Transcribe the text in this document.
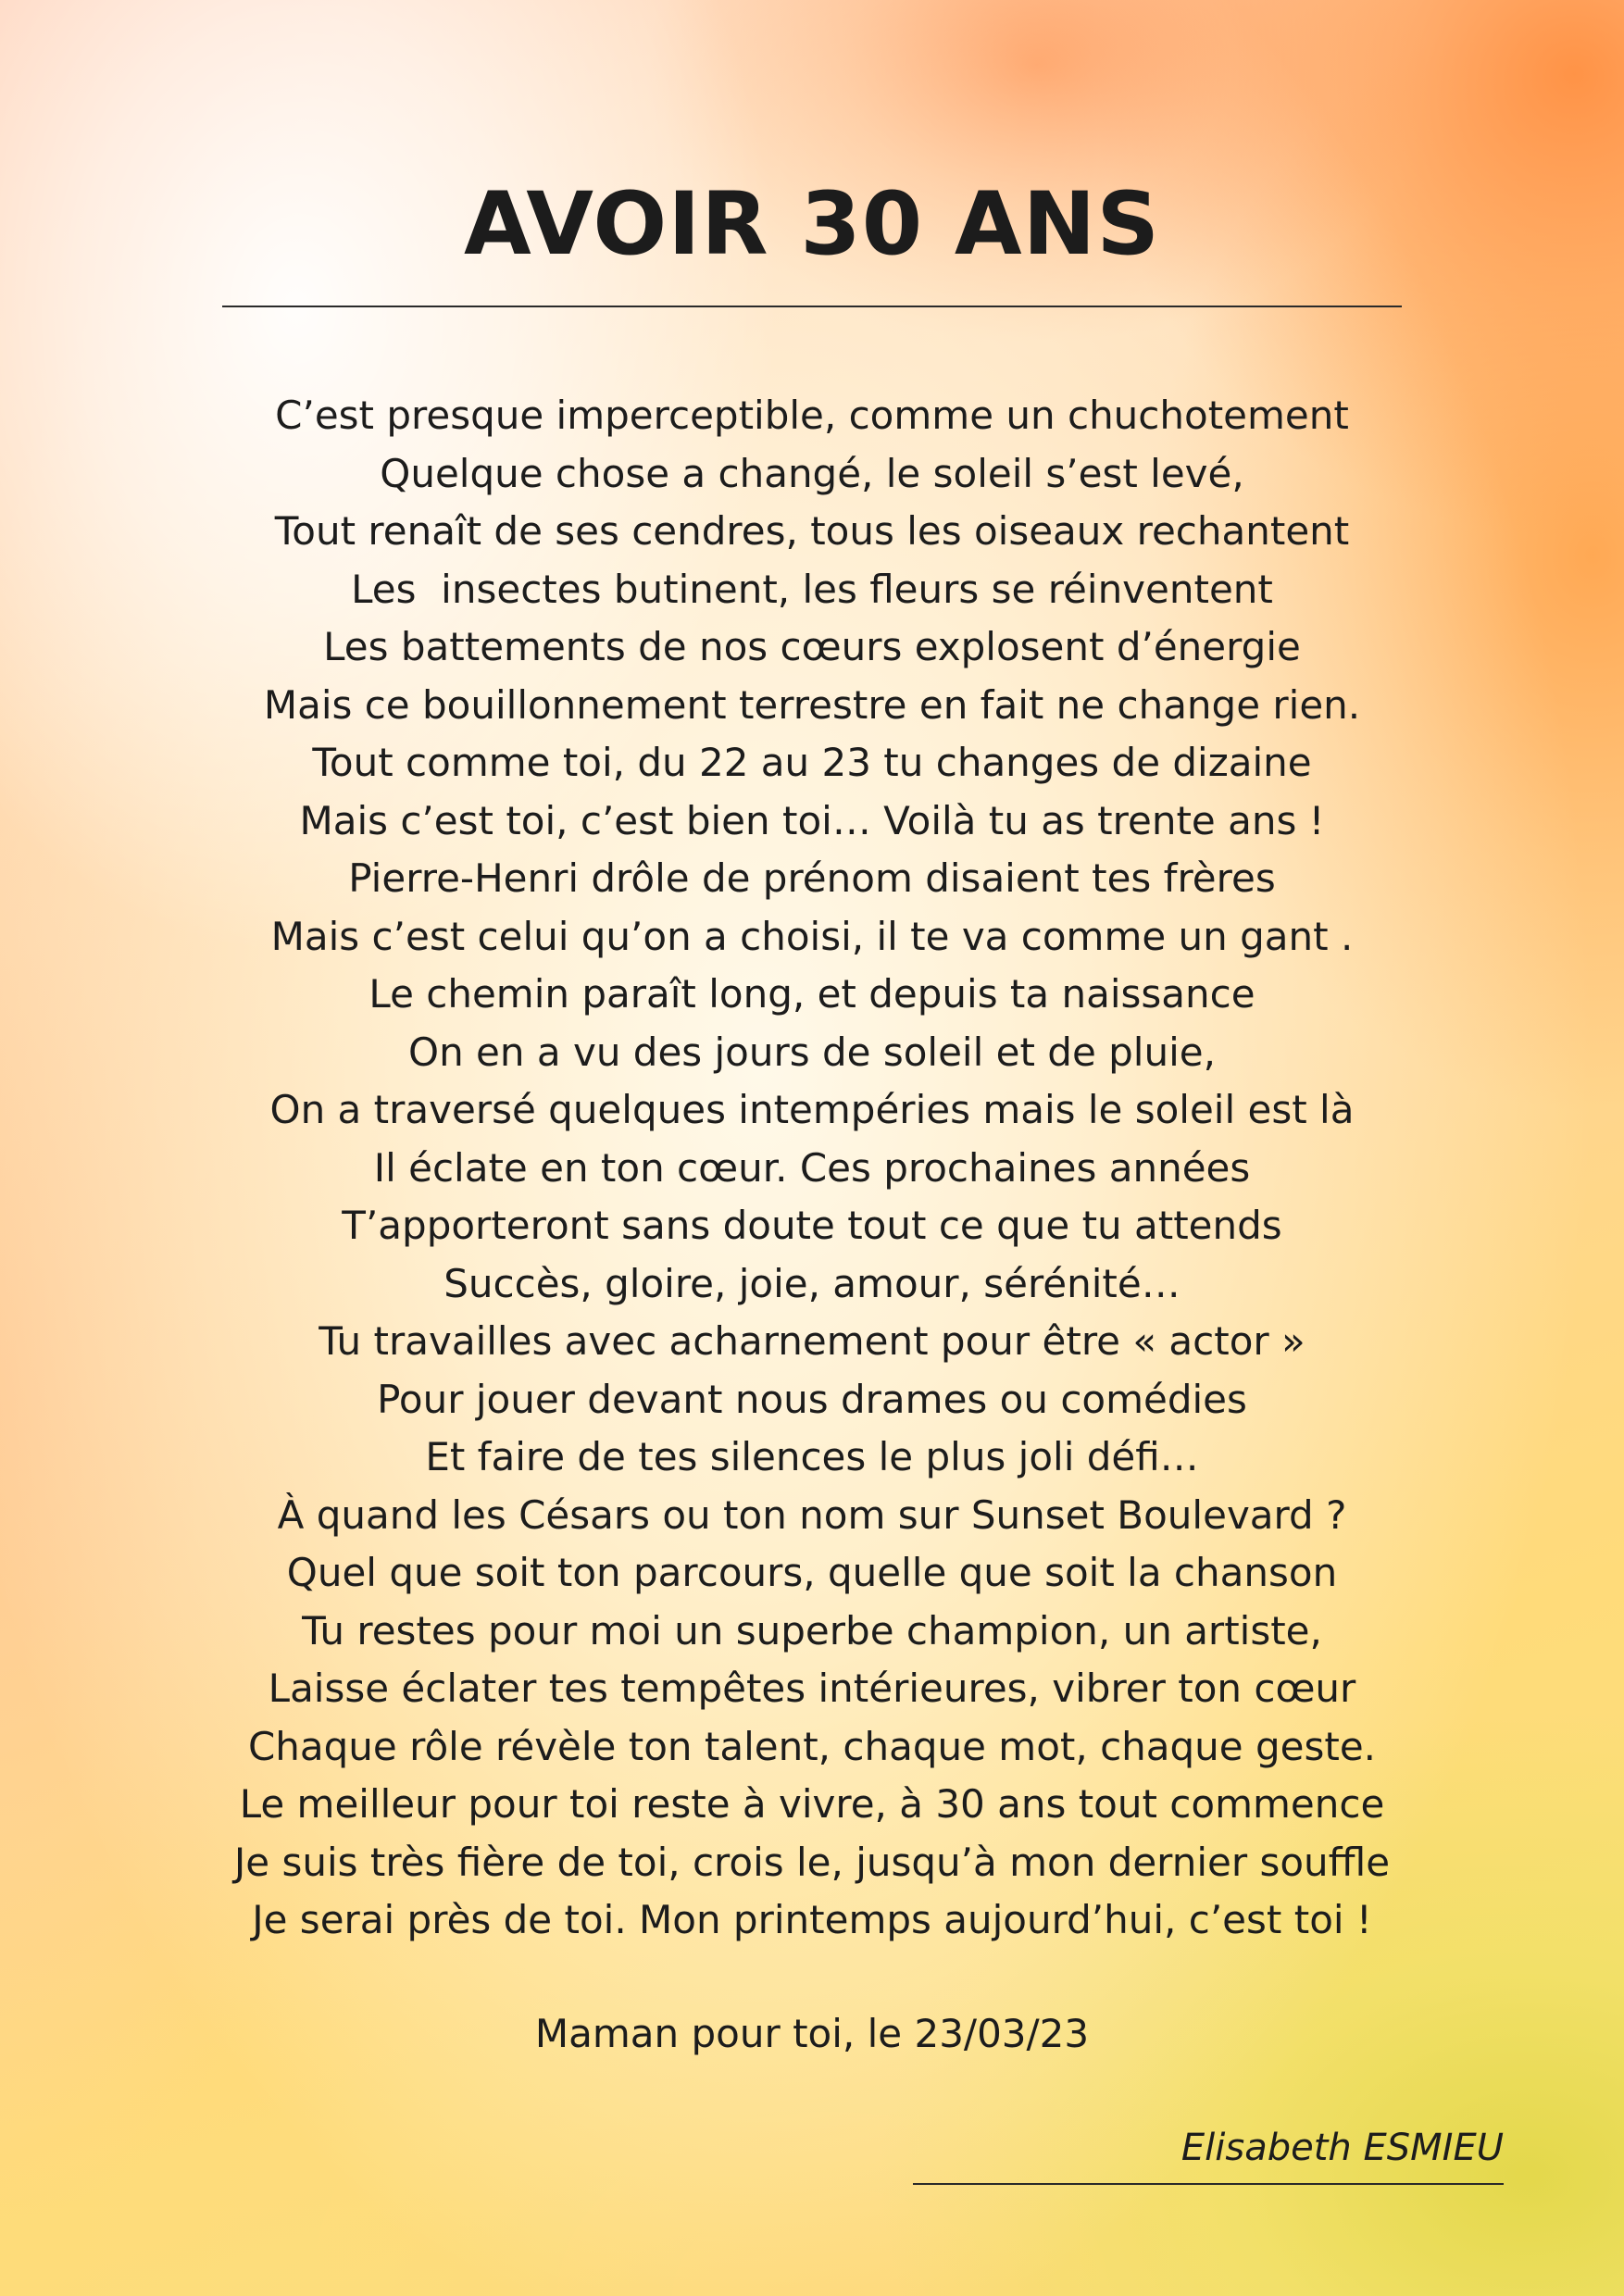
AVOIR 30 ANS
C’est presque imperceptible, comme un chuchotement
Quelque chose a changé, le soleil s’est levé,
Tout renaît de ses cendres, tous les oiseaux rechantent
Les  insectes butinent, les fleurs se réinventent
Les battements de nos cœurs explosent d’énergie
Mais ce bouillonnement terrestre en fait ne change rien.
Tout comme toi, du 22 au 23 tu changes de dizaine
Mais c’est toi, c’est bien toi… Voilà tu as trente ans !
Pierre-Henri drôle de prénom disaient tes frères
Mais c’est celui qu’on a choisi, il te va comme un gant .
Le chemin paraît long, et depuis ta naissance
On en a vu des jours de soleil et de pluie,
On a traversé quelques intempéries mais le soleil est là
Il éclate en ton cœur. Ces prochaines années
T’apporteront sans doute tout ce que tu attends
Succès, gloire, joie, amour, sérénité…
Tu travailles avec acharnement pour être « actor »
Pour jouer devant nous drames ou comédies
Et faire de tes silences le plus joli défi…
À quand les Césars ou ton nom sur Sunset Boulevard ?
Quel que soit ton parcours, quelle que soit la chanson
Tu restes pour moi un superbe champion, un artiste,
Laisse éclater tes tempêtes intérieures, vibrer ton cœur
Chaque rôle révèle ton talent, chaque mot, chaque geste.
Le meilleur pour toi reste à vivre, à 30 ans tout commence
Je suis très fière de toi, crois le, jusqu’à mon dernier souffle
Je serai près de toi. Mon printemps aujourd’hui, c’est toi !
Maman pour toi, le 23/03/23
Elisabeth ESMIEU
